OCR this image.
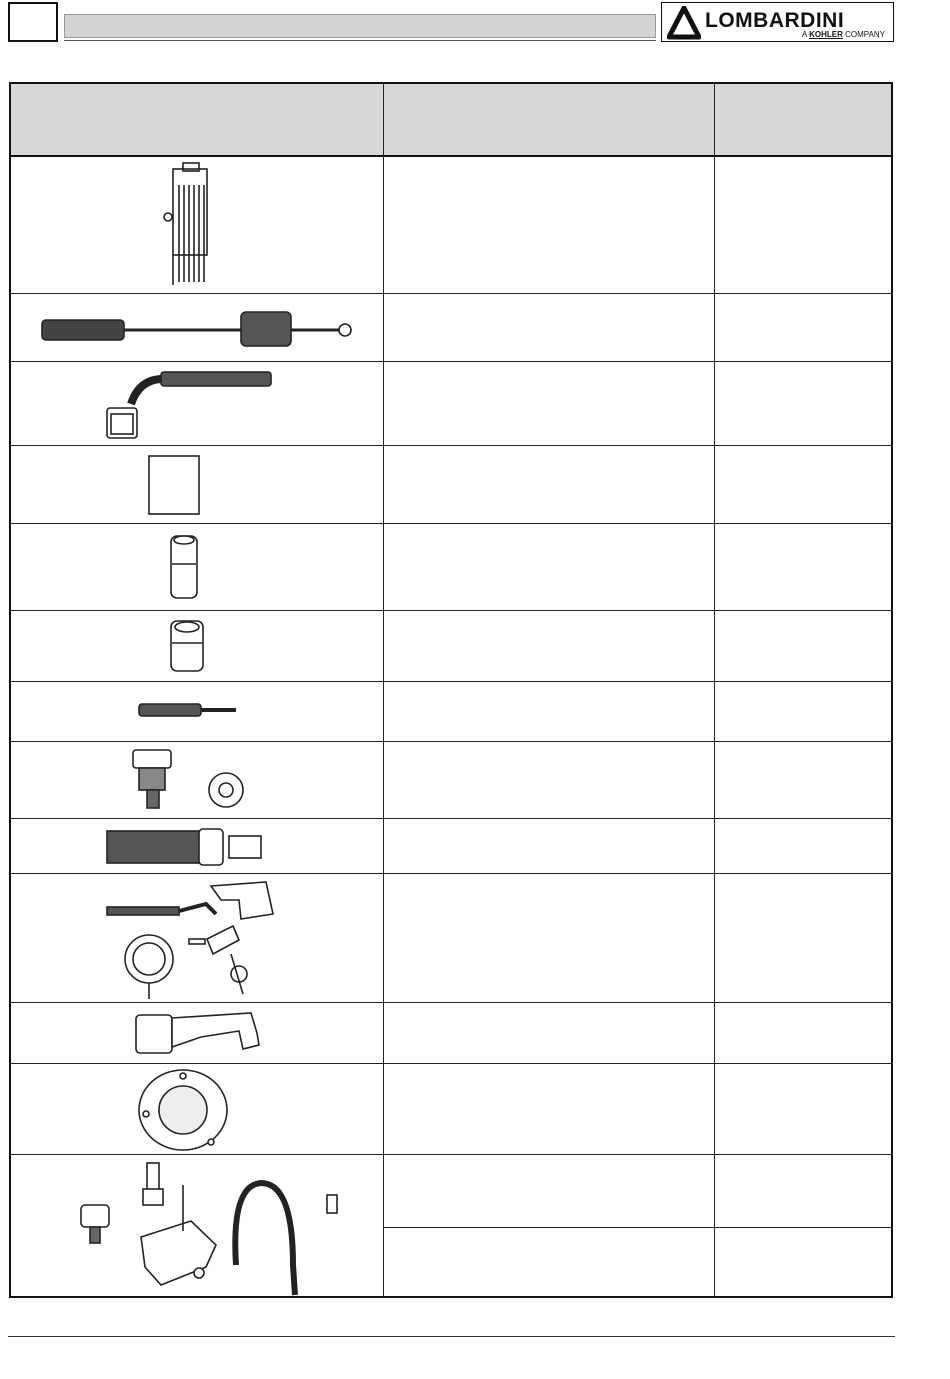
LOMBARDINI
A KOHLER COMPANY
